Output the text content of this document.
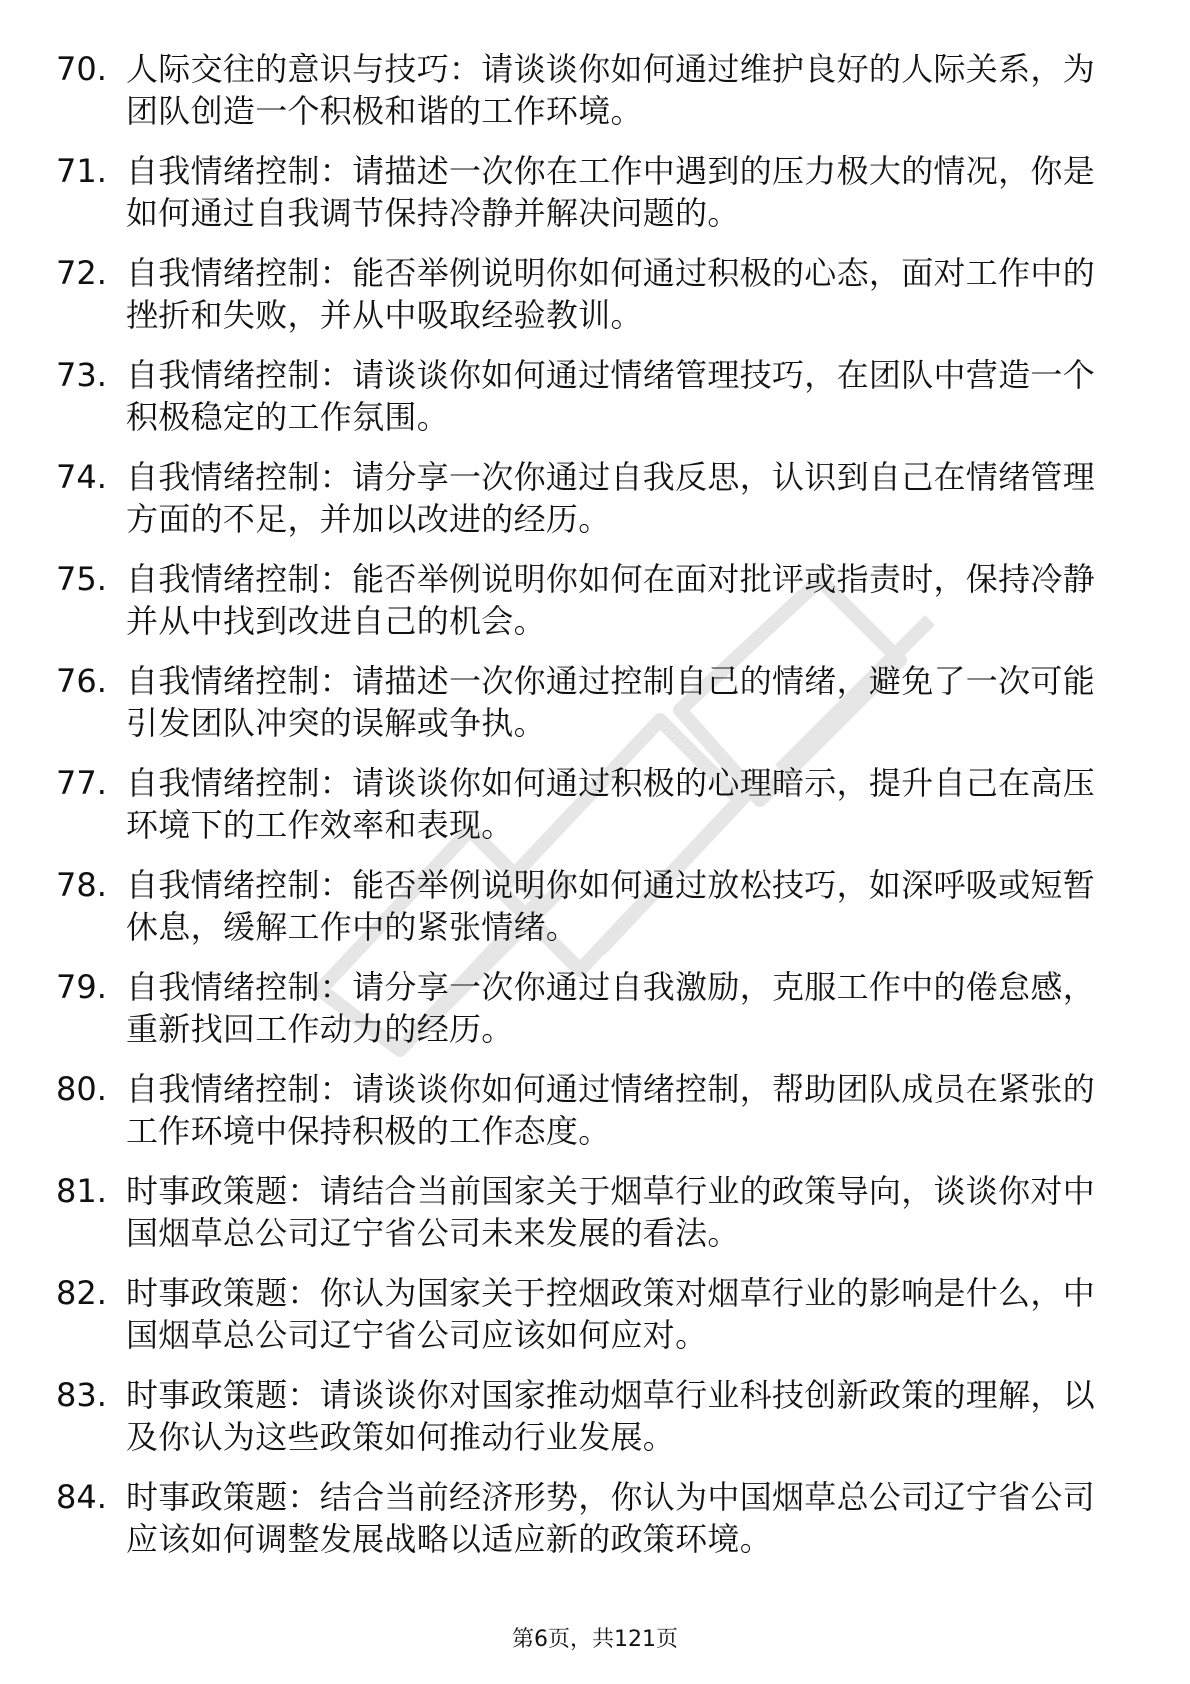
70. 人际交往的意识与技巧：请谈谈你如何通过维护良好的人际关系，为团队创造一个积极和谐的工作环境。
71. 自我情绪控制：请描述一次你在工作中遇到的压力极大的情况，你是如何通过自我调节保持冷静并解决问题的。
72. 自我情绪控制：能否举例说明你如何通过积极的心态，面对工作中的挫折和失败，并从中吸取经验教训。
73. 自我情绪控制：请谈谈你如何通过情绪管理技巧，在团队中营造一个积极稳定的工作氛围。
74. 自我情绪控制：请分享一次你通过自我反思，认识到自己在情绪管理方面的不足，并加以改进的经历。
75. 自我情绪控制：能否举例说明你如何在面对批评或指责时，保持冷静并从中找到改进自己的机会。
76. 自我情绪控制：请描述一次你通过控制自己的情绪，避免了一次可能引发团队冲突的误解或争执。
77. 自我情绪控制：请谈谈你如何通过积极的心理暗示，提升自己在高压环境下的工作效率和表现。
78. 自我情绪控制：能否举例说明你如何通过放松技巧，如深呼吸或短暂休息，缓解工作中的紧张情绪。
79. 自我情绪控制：请分享一次你通过自我激励，克服工作中的倦怠感，重新找回工作动力的经历。
80. 自我情绪控制：请谈谈你如何通过情绪控制，帮助团队成员在紧张的工作环境中保持积极的工作态度。
81. 时事政策题：请结合当前国家关于烟草行业的政策导向，谈谈你对中国烟草总公司辽宁省公司未来发展的看法。
82. 时事政策题：你认为国家关于控烟政策对烟草行业的影响是什么，中国烟草总公司辽宁省公司应该如何应对。
83. 时事政策题：请谈谈你对国家推动烟草行业科技创新政策的理解，以及你认为这些政策如何推动行业发展。
84. 时事政策题：结合当前经济形势，你认为中国烟草总公司辽宁省公司应该如何调整发展战略以适应新的政策环境。
第6页，共121页
